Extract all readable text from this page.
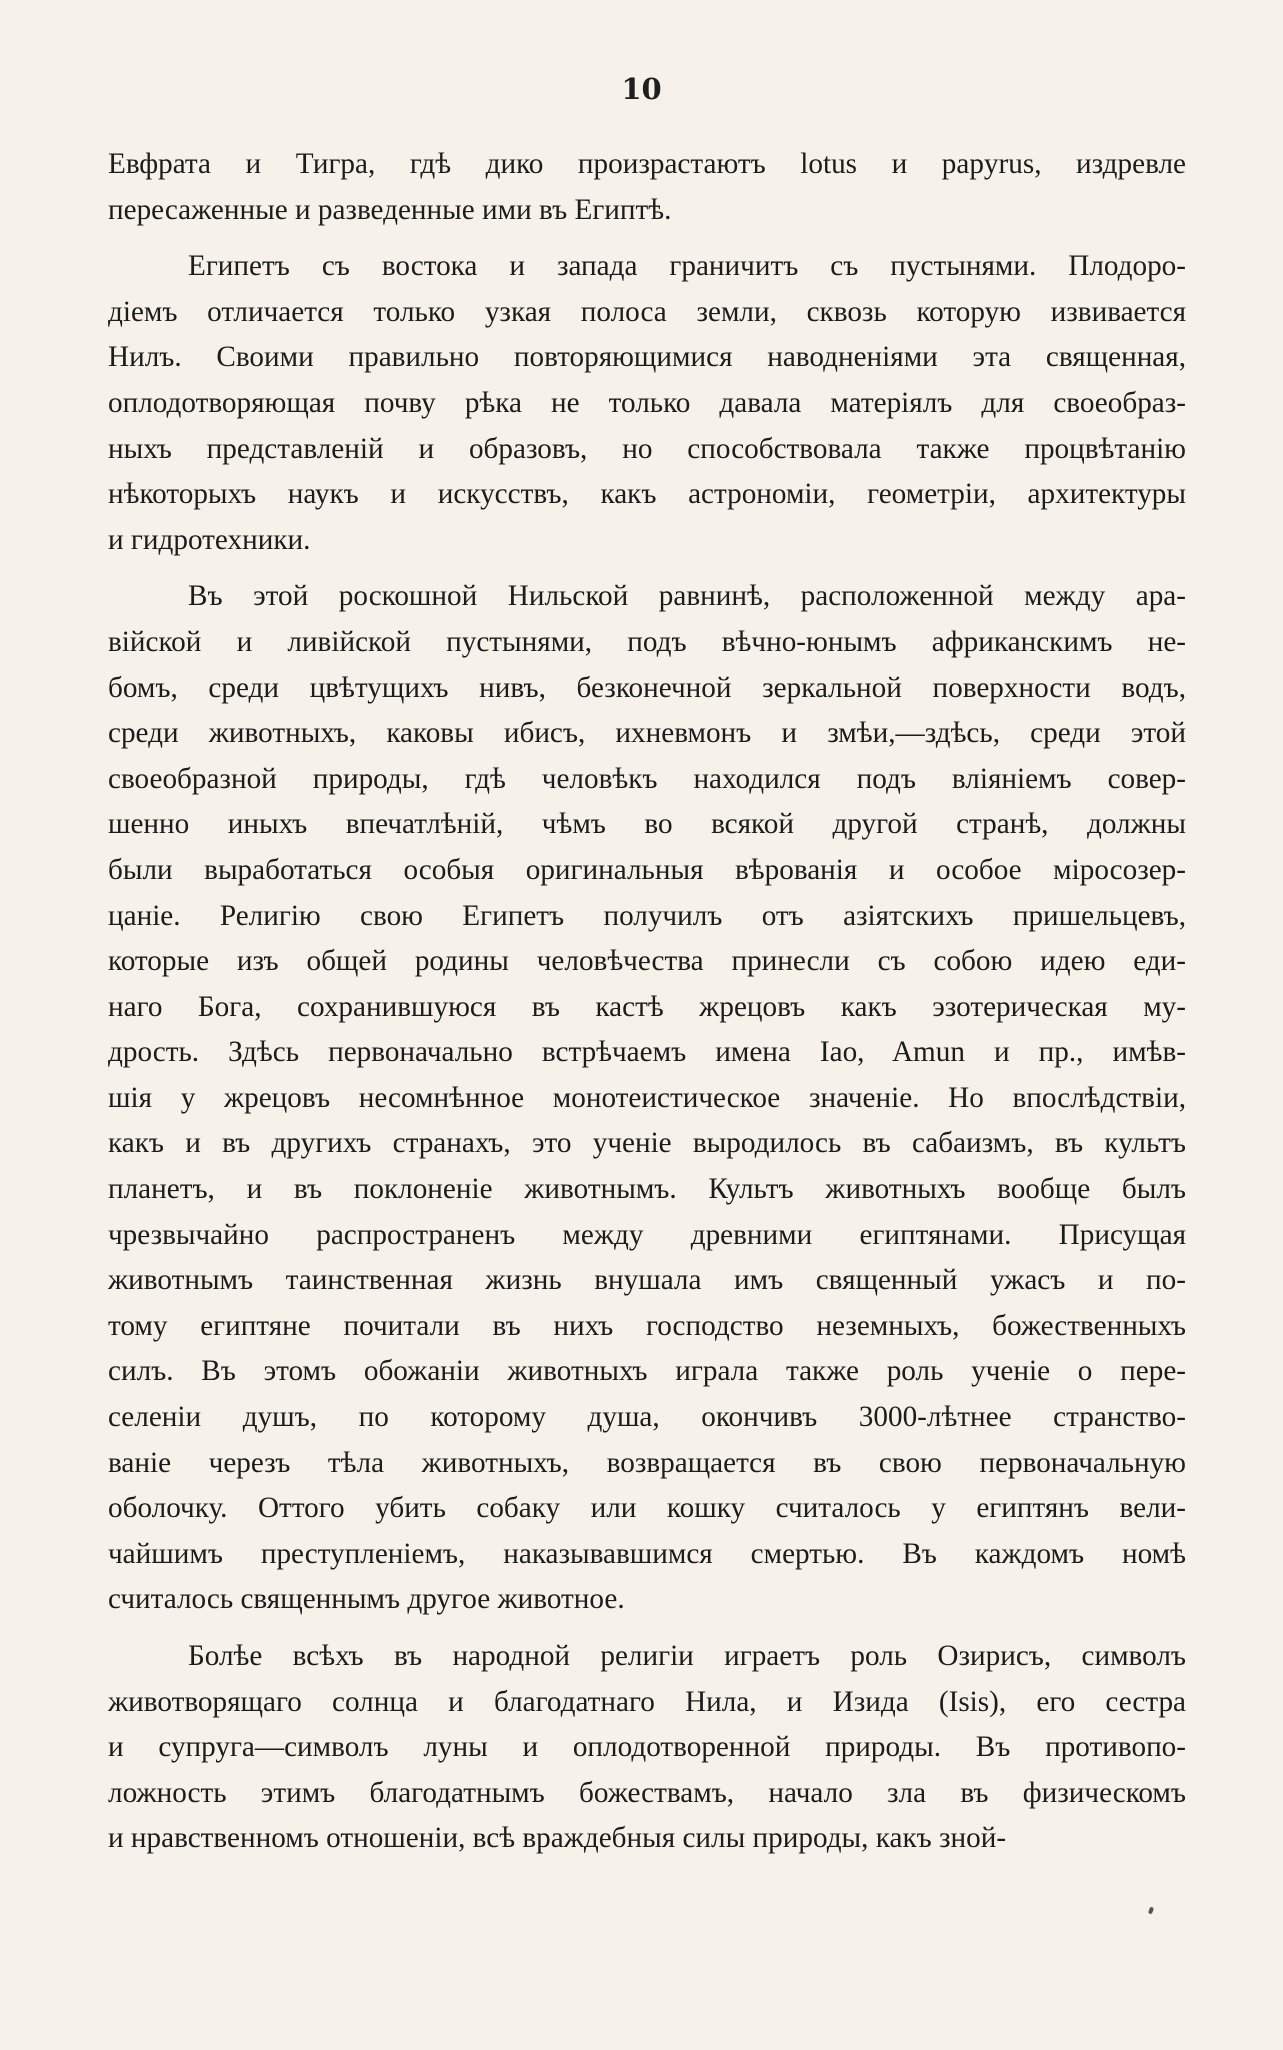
10
Евфрата и Тигра, гдѣ дико произрастаютъ lotus и papyrus, издревле
пересаженные и разведенные ими въ Египтѣ.
Египетъ съ востока и запада граничитъ съ пустынями. Плодоро-
діемъ отличается только узкая полоса земли, сквозь которую извивается
Нилъ. Своими правильно повторяющимися наводненіями эта священная,
оплодотворяющая почву рѣка не только давала матеріялъ для своеобраз-
ныхъ представленій и образовъ, но способствовала также процвѣтанію
нѣкоторыхъ наукъ и искусствъ, какъ астрономіи, геометріи, архитектуры
и гидротехники.
Въ этой роскошной Нильской равнинѣ, расположенной между ара-
війской и ливійской пустынями, подъ вѣчно-юнымъ африканскимъ не-
бомъ, среди цвѣтущихъ нивъ, безконечной зеркальной поверхности водъ,
среди животныхъ, каковы ибисъ, ихневмонъ и змѣи,—здѣсь, среди этой
своеобразной природы, гдѣ человѣкъ находился подъ вліяніемъ совер-
шенно иныхъ впечатлѣній, чѣмъ во всякой другой странѣ, должны
были выработаться особыя оригинальныя вѣрованія и особое міросозер-
цаніе. Религію свою Египетъ получилъ отъ азіятскихъ пришельцевъ,
которые изъ общей родины человѣчества принесли съ собою идею еди-
наго Бога, сохранившуюся въ кастѣ жрецовъ какъ эзотерическая му-
дрость. Здѣсь первоначально встрѣчаемъ имена Iao, Amun и пр., имѣв-
шія у жрецовъ несомнѣнное монотеистическое значеніе. Но впослѣдствіи,
какъ и въ другихъ странахъ, это ученіе выродилось въ сабаизмъ, въ культъ
планетъ, и въ поклоненіе животнымъ. Культъ животныхъ вообще былъ
чрезвычайно распространенъ между древними египтянами. Присущая
животнымъ таинственная жизнь внушала имъ священный ужасъ и по-
тому египтяне почитали въ нихъ господство неземныхъ, божественныхъ
силъ. Въ этомъ обожаніи животныхъ играла также роль ученіе о пере-
селеніи душъ, по которому душа, окончивъ 3000-лѣтнее странство-
ваніе черезъ тѣла животныхъ, возвращается въ свою первоначальную
оболочку. Оттого убить собаку или кошку считалось у египтянъ вели-
чайшимъ преступленіемъ, наказывавшимся смертью. Въ каждомъ номѣ
считалось священнымъ другое животное.
Болѣе всѣхъ въ народной религіи играетъ роль Озирисъ, символъ
животворящаго солнца и благодатнаго Нила, и Изида (Isis), его сестра
и супруга—символъ луны и оплодотворенной природы. Въ противопо-
ложность этимъ благодатнымъ божествамъ, начало зла въ физическомъ
и нравственномъ отношеніи, всѣ враждебныя силы природы, какъ зной-
